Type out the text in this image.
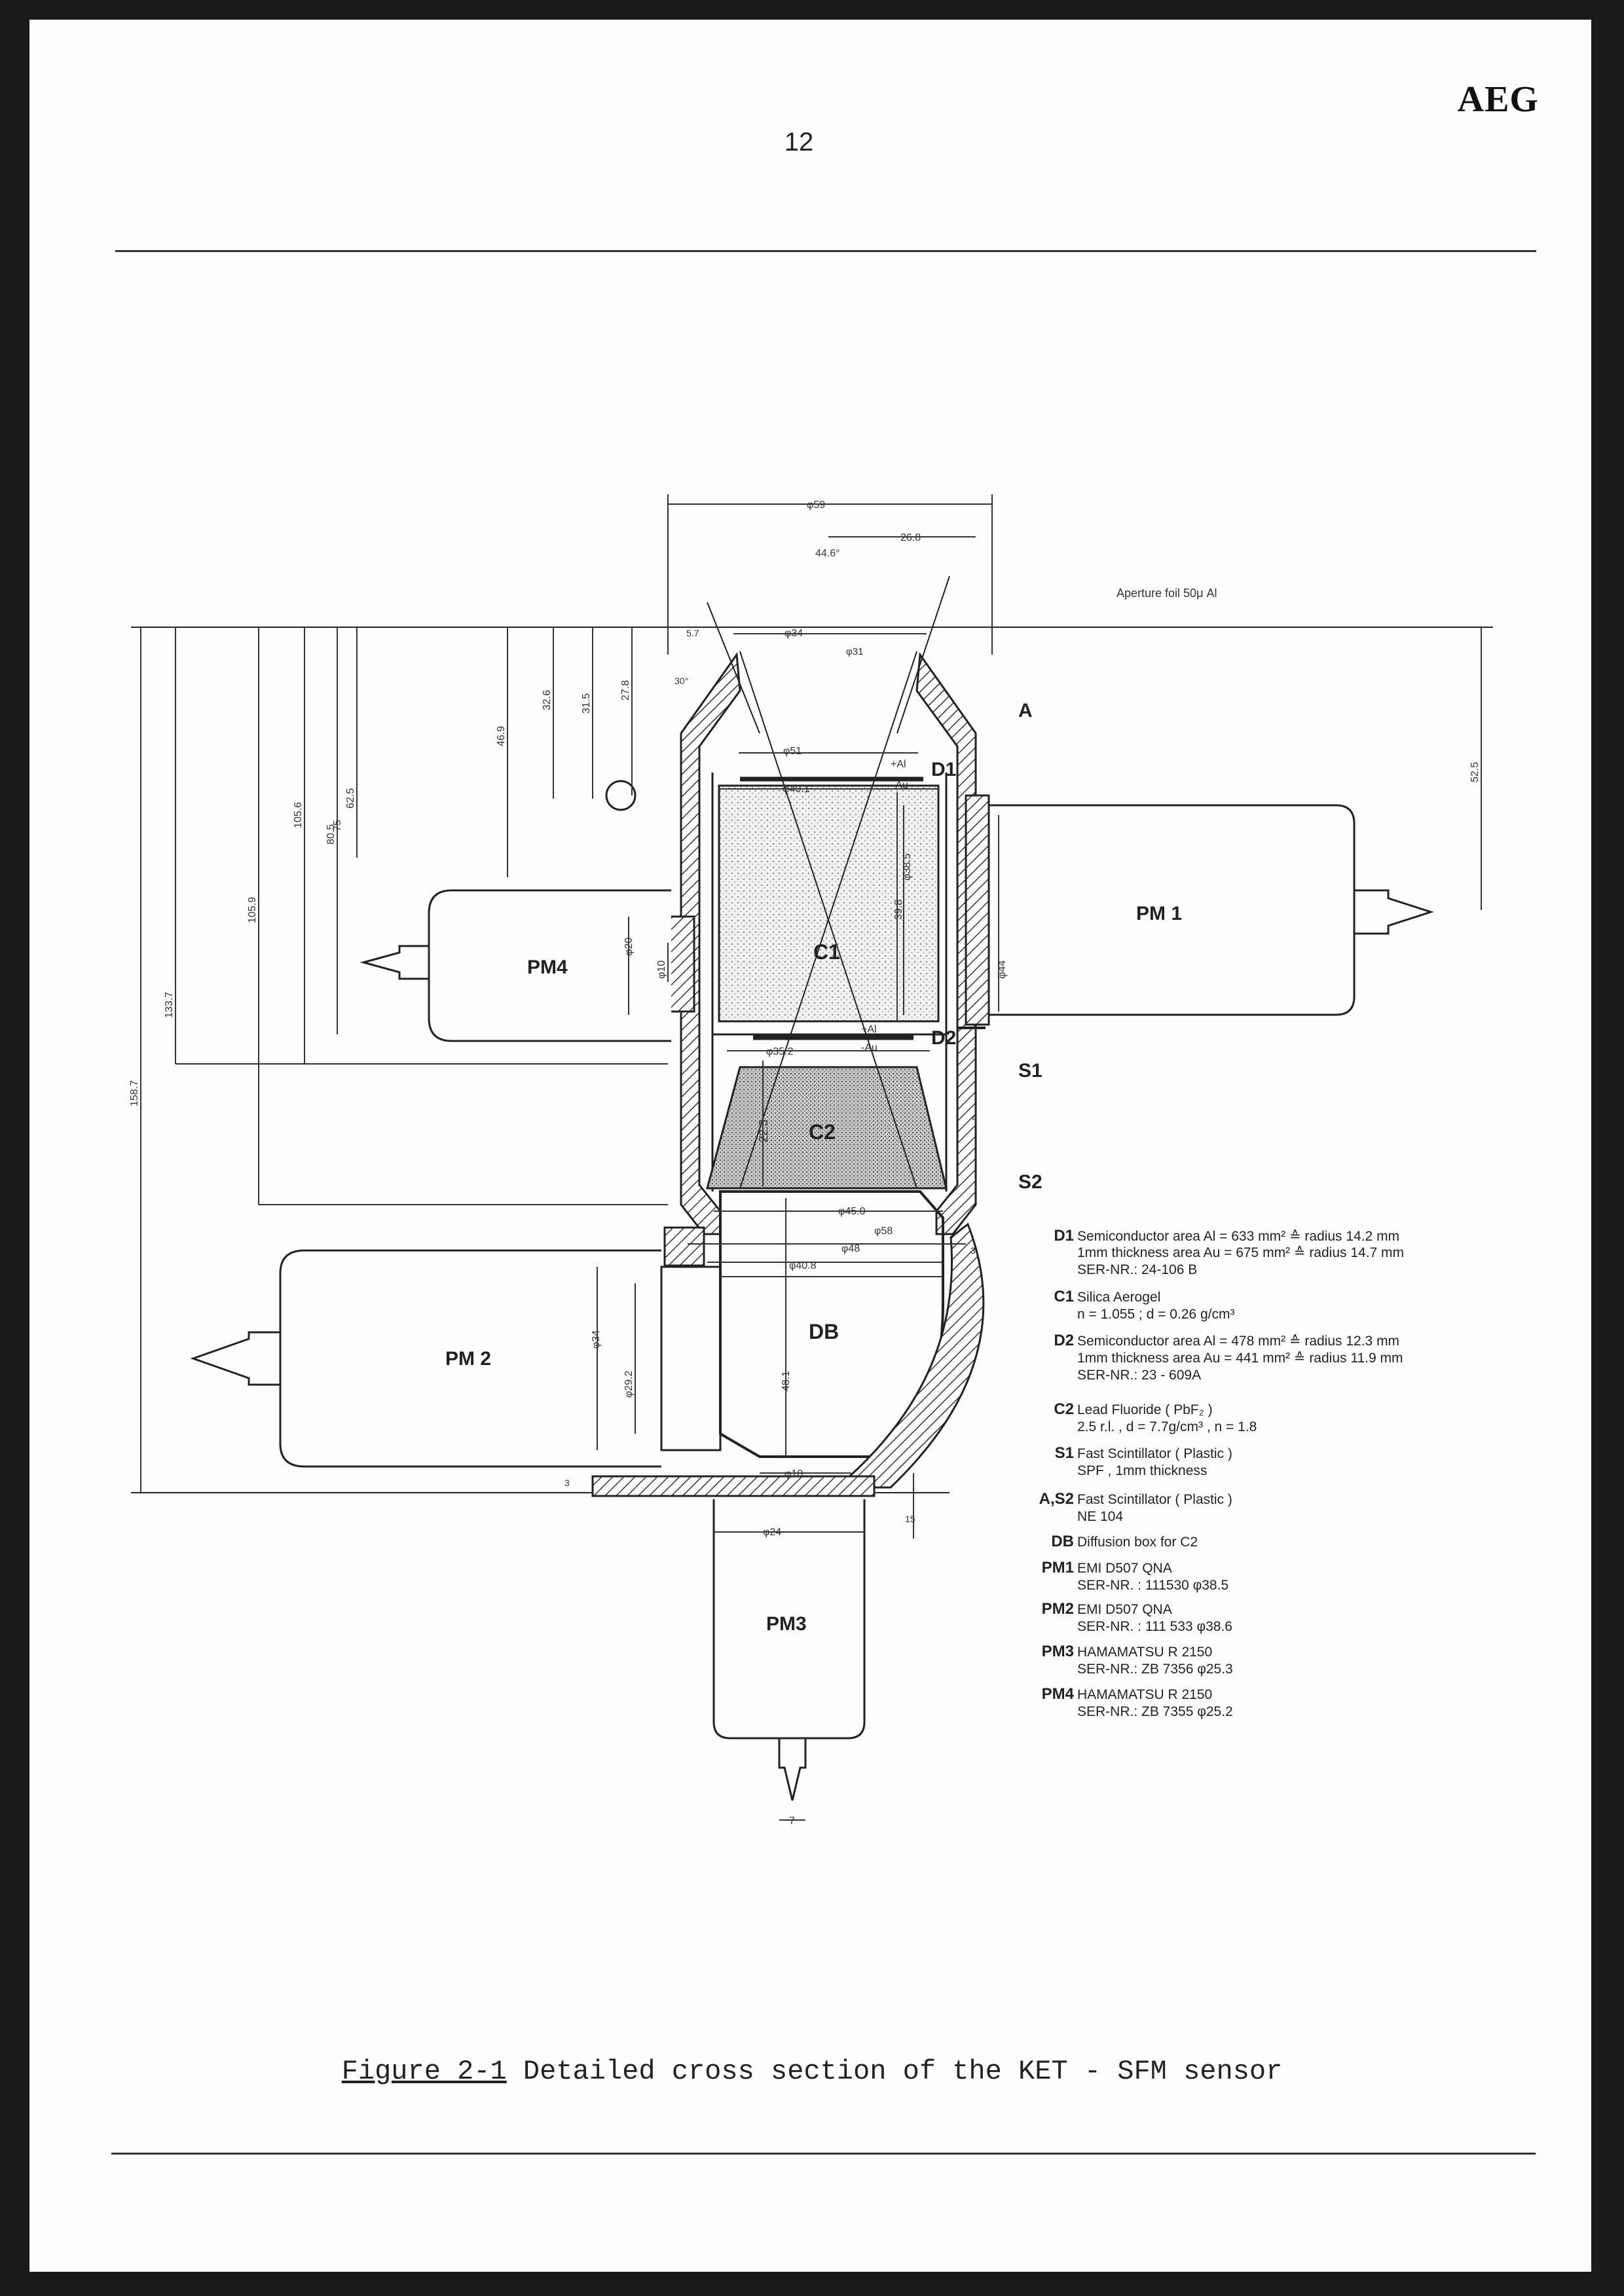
AEG
12
A
D1
D2
C1
C2
S1
S2
DB
PM 1
PM 2
PM3
PM4
+Al
-Au
+Al
-Au
Aperture foil 50μ Al
φ59
26.8
44.6°
φ34
φ31
φ51
φ40.1
φ35.2
φ45.0
φ58
φ48
φ40.8
φ10
φ24
7
5.7
30°
3
3
4
15
158.7
133.7
105.9
105.6
80.5
75
62.5
46.9
32.6	31.5
27.8
52.5
φ38.5
39.8
φ44
φ20
φ10
22.3
48.1
φ34
φ29.2
D1 Semiconductor area Al = 633 mm² ≙ radius 14.2 mm
1mm thickness area Au = 675 mm² ≙ radius 14.7 mm
SER-NR.: 24-106 B
C1 Silica Aerogel
n = 1.055 ; d = 0.26 g/cm³
D2 Semiconductor area Al = 478 mm² ≙ radius 12.3 mm
1mm thickness area Au = 441 mm² ≙ radius 11.9 mm
SER-NR.: 23 - 609A
C2 Lead Fluoride ( PbF₂ )
2.5 r.l. , d = 7.7g/cm³ , n = 1.8
S1 Fast Scintillator ( Plastic )
SPF , 1mm thickness
A,S2 Fast Scintillator ( Plastic )
NE 104
DB Diffusion box for C2
PM1 EMI D507 QNA
SER-NR. : 111530 φ38.5
PM2 EMI D507 QNA
SER-NR. : 111 533 φ38.6
PM3 HAMAMATSU R 2150
SER-NR.: ZB 7356 φ25.3
PM4 HAMAMATSU R 2150
SER-NR.: ZB 7355 φ25.2
Figure 2-1 Detailed cross section of the KET - SFM sensor
